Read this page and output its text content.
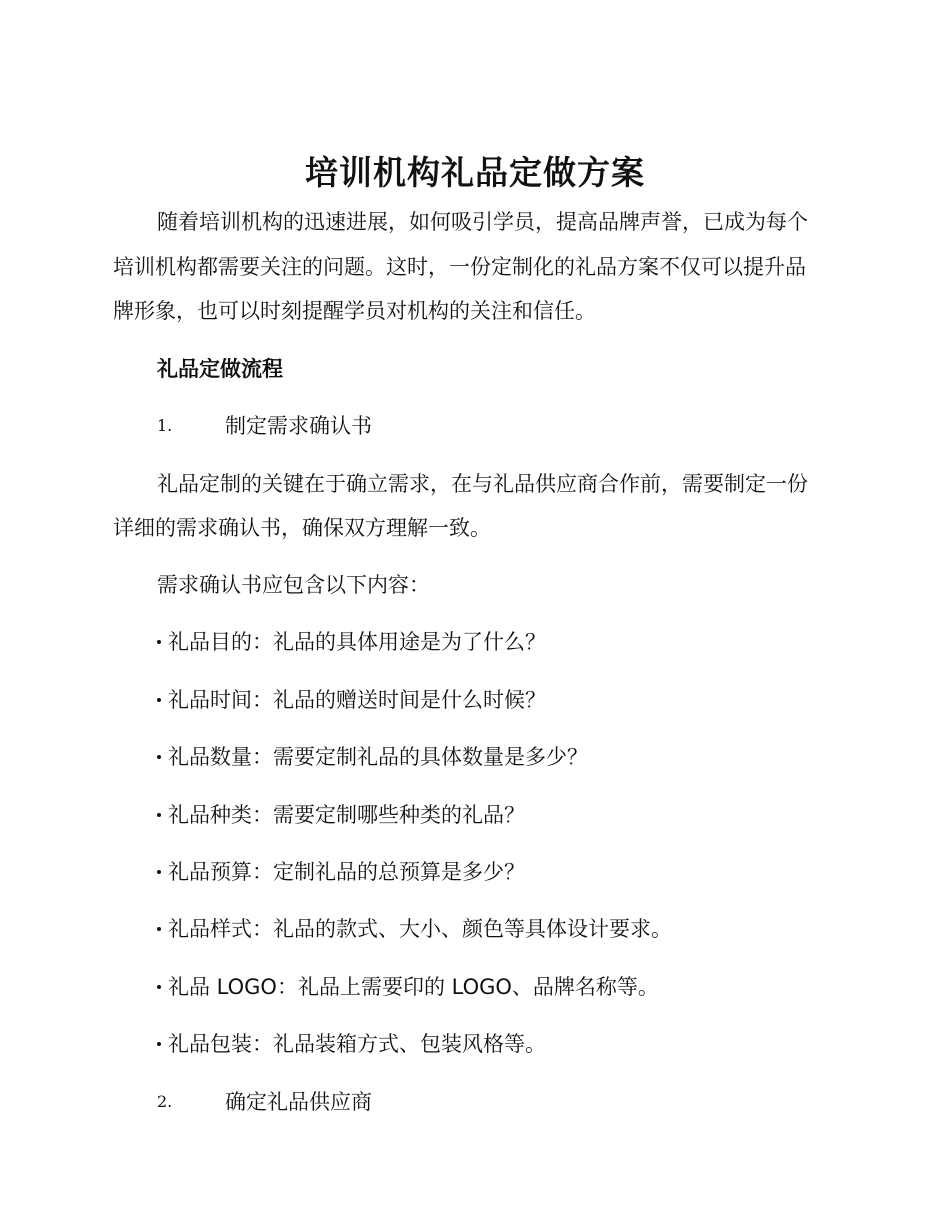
培训机构礼品定做方案
随着培训机构的迅速进展，如何吸引学员，提高品牌声誉，已成为每个
培训机构都需要关注的问题。这时，一份定制化的礼品方案不仅可以提升品
牌形象，也可以时刻提醒学员对机构的关注和信任。
礼品定做流程
1.	制定需求确认书
礼品定制的关键在于确立需求，在与礼品供应商合作前，需要制定一份
详细的需求确认书，确保双方理解一致。
需求确认书应包含以下内容：
礼品目的：礼品的具体用途是为了什么？
礼品时间：礼品的赠送时间是什么时候？
礼品数量：需要定制礼品的具体数量是多少？
礼品种类：需要定制哪些种类的礼品？
礼品预算：定制礼品的总预算是多少？
礼品样式：礼品的款式、大小、颜色等具体设计要求。
礼品 LOGO：礼品上需要印的 LOGO、品牌名称等。
礼品包装：礼品装箱方式、包装风格等。
2.	确定礼品供应商
